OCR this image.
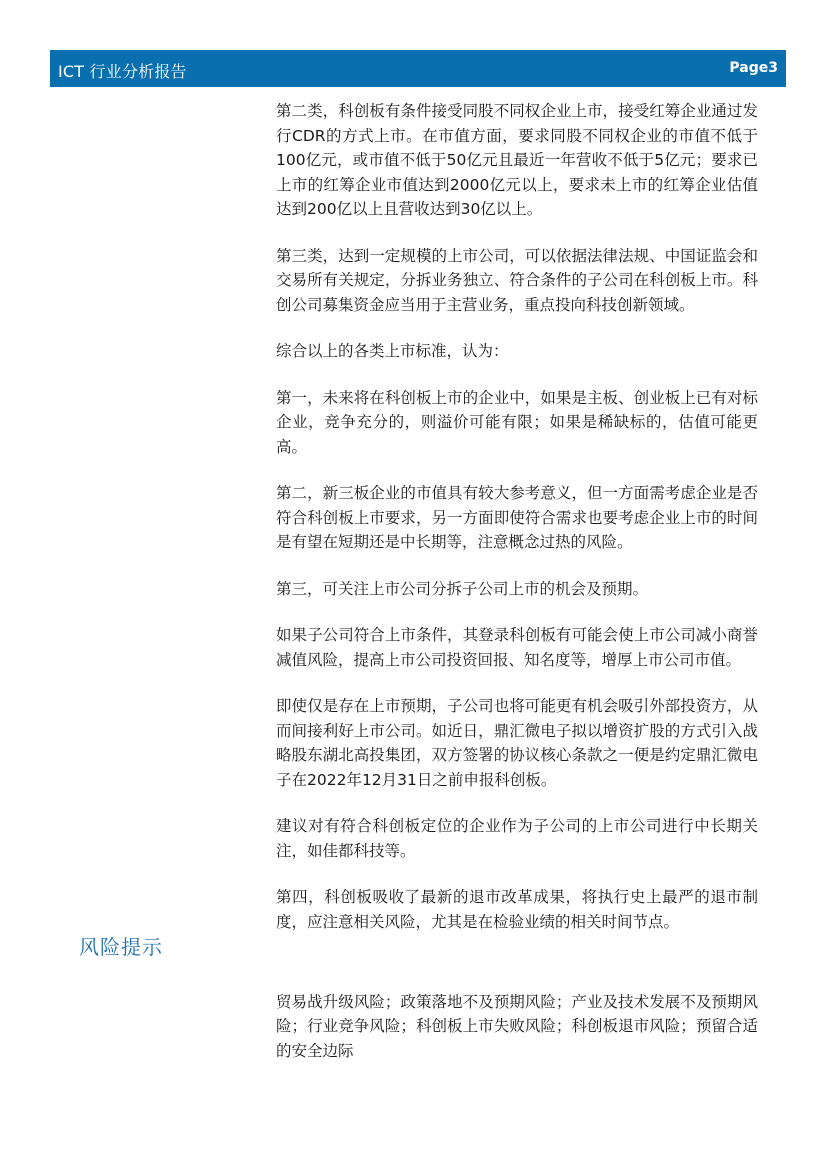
ICT 行业分析报告	Page3

第二类，科创板有条件接受同股不同权企业上市，接受红筹企业通过发行CDR的方式上市。在市值方面，要求同股不同权企业的市值不低于100亿元，或市值不低于50亿元且最近一年营收不低于5亿元；要求已上市的红筹企业市值达到2000亿元以上，要求未上市的红筹企业估值达到200亿以上且营收达到30亿以上。

第三类，达到一定规模的上市公司，可以依据法律法规、中国证监会和交易所有关规定，分拆业务独立、符合条件的子公司在科创板上市。科创公司募集资金应当用于主营业务，重点投向科技创新领域。

综合以上的各类上市标准，认为：

第一，未来将在科创板上市的企业中，如果是主板、创业板上已有对标企业，竞争充分的，则溢价可能有限；如果是稀缺标的，估值可能更高。

第二，新三板企业的市值具有较大参考意义，但一方面需考虑企业是否符合科创板上市要求，另一方面即使符合需求也要考虑企业上市的时间是有望在短期还是中长期等，注意概念过热的风险。

第三，可关注上市公司分拆子公司上市的机会及预期。

如果子公司符合上市条件，其登录科创板有可能会使上市公司减小商誉减值风险，提高上市公司投资回报、知名度等，增厚上市公司市值。

即使仅是存在上市预期，子公司也将可能更有机会吸引外部投资方，从而间接利好上市公司。如近日，鼎汇微电子拟以增资扩股的方式引入战略股东湖北高投集团，双方签署的协议核心条款之一便是约定鼎汇微电子在2022年12月31日之前申报科创板。

建议对有符合科创板定位的企业作为子公司的上市公司进行中长期关注，如佳都科技等。

第四，科创板吸收了最新的退市改革成果，将执行史上最严的退市制度，应注意相关风险，尤其是在检验业绩的相关时间节点。

风险提示

贸易战升级风险；政策落地不及预期风险；产业及技术发展不及预期风险；行业竞争风险；科创板上市失败风险；科创板退市风险；预留合适的安全边际
